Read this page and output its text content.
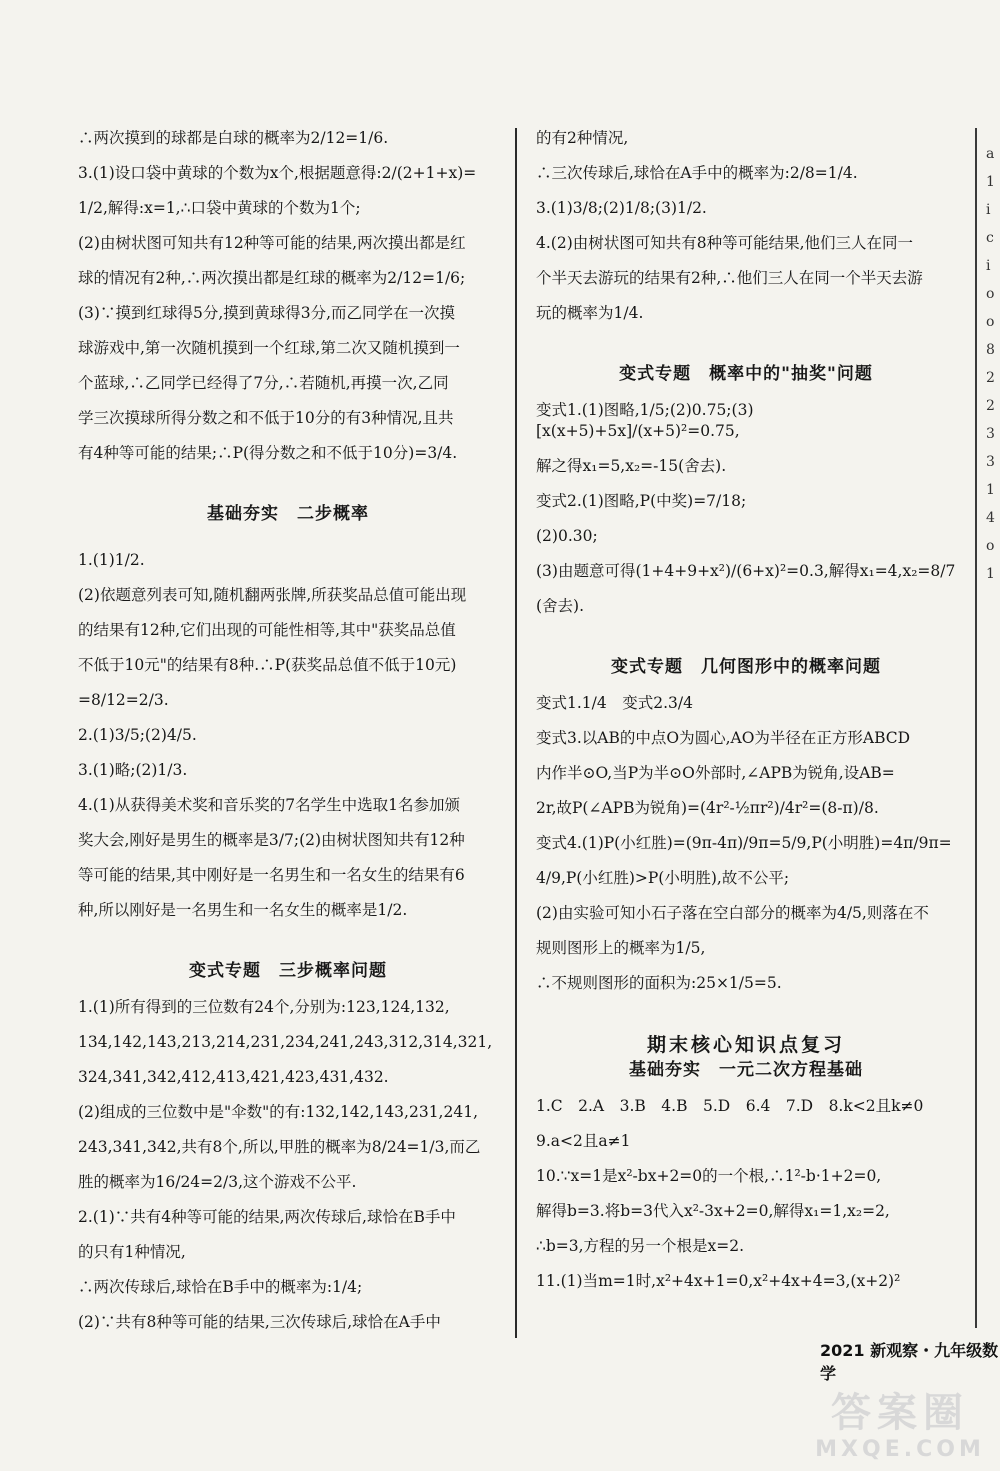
a 1 i c i o o 8 2 2 3 3 1 4 o 1

∴两次摸到的球都是白球的概率为2/12=1/6.

3.(1)设口袋中黄球的个数为x个,根据题意得:2/(2+1+x)=

1/2,解得:x=1,∴口袋中黄球的个数为1个;

(2)由树状图可知共有12种等可能的结果,两次摸出都是红

球的情况有2种,∴两次摸出都是红球的概率为2/12=1/6;

(3)∵摸到红球得5分,摸到黄球得3分,而乙同学在一次摸

球游戏中,第一次随机摸到一个红球,第二次又随机摸到一

个蓝球,∴乙同学已经得了7分,∴若随机,再摸一次,乙同

学三次摸球所得分数之和不低于10分的有3种情况,且共

有4种等可能的结果;∴P(得分数之和不低于10分)=3/4.

基础夯实　二步概率

1.(1)1/2.

(2)依题意列表可知,随机翻两张牌,所获奖品总值可能出现

的结果有12种,它们出现的可能性相等,其中"获奖品总值

不低于10元"的结果有8种.∴P(获奖品总值不低于10元)

=8/12=2/3.

2.(1)3/5;(2)4/5.

3.(1)略;(2)1/3.

4.(1)从获得美术奖和音乐奖的7名学生中选取1名参加颁

奖大会,刚好是男生的概率是3/7;(2)由树状图知共有12种

等可能的结果,其中刚好是一名男生和一名女生的结果有6

种,所以刚好是一名男生和一名女生的概率是1/2.

变式专题　三步概率问题

1.(1)所有得到的三位数有24个,分别为:123,124,132,

134,142,143,213,214,231,234,241,243,312,314,321,

324,341,342,412,413,421,423,431,432.

(2)组成的三位数中是"伞数"的有:132,142,143,231,241,

243,341,342,共有8个,所以,甲胜的概率为8/24=1/3,而乙

胜的概率为16/24=2/3,这个游戏不公平.

2.(1)∵共有4种等可能的结果,两次传球后,球恰在B手中

的只有1种情况,

∴两次传球后,球恰在B手中的概率为:1/4;

(2)∵共有8种等可能的结果,三次传球后,球恰在A手中

的有2种情况,

∴三次传球后,球恰在A手中的概率为:2/8=1/4.

3.(1)3/8;(2)1/8;(3)1/2.

4.(2)由树状图可知共有8种等可能结果,他们三人在同一

个半天去游玩的结果有2种,∴他们三人在同一个半天去游

玩的概率为1/4.

变式专题　概率中的"抽奖"问题

变式1.(1)图略,1/5;(2)0.75;(3)[x(x+5)+5x]/(x+5)²=0.75,

解之得x₁=5,x₂=-15(舍去).

变式2.(1)图略,P(中奖)=7/18;

(2)0.30;

(3)由题意可得(1+4+9+x²)/(6+x)²=0.3,解得x₁=4,x₂=8/7

(舍去).

变式专题　几何图形中的概率问题

变式1.1/4　变式2.3/4

变式3.以AB的中点O为圆心,AO为半径在正方形ABCD

内作半⊙O,当P为半⊙O外部时,∠APB为锐角,设AB=

2r,故P(∠APB为锐角)=(4r²-½πr²)/4r²=(8-π)/8.

变式4.(1)P(小红胜)=(9π-4π)/9π=5/9,P(小明胜)=4π/9π=

4/9,P(小红胜)>P(小明胜),故不公平;

(2)由实验可知小石子落在空白部分的概率为4/5,则落在不

规则图形上的概率为1/5,

∴不规则图形的面积为:25×1/5=5.

期末核心知识点复习
基础夯实　一元二次方程基础

1.C　2.A　3.B　4.B　5.D　6.4　7.D　8.k<2且k≠0

9.a<2且a≠1

10.∵x=1是x²-bx+2=0的一个根,∴1²-b·1+2=0,

解得b=3.将b=3代入x²-3x+2=0,解得x₁=1,x₂=2,

∴b=3,方程的另一个根是x=2.

11.(1)当m=1时,x²+4x+1=0,x²+4x+4=3,(x+2)²

2021 新观察・九年级数学
答案圈
MXQE.COM
